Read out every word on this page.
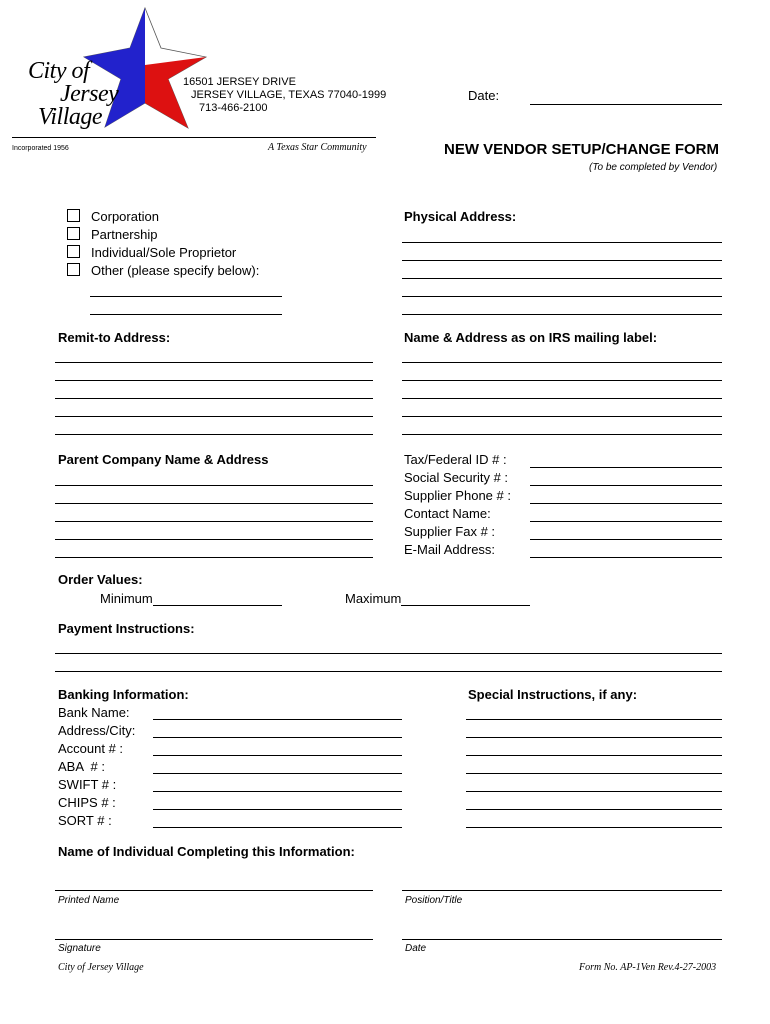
City of
Jersey
Village
16501 JERSEY DRIVE
JERSEY VILLAGE, TEXAS 77040-1999
713-466-2100
Incorporated 1956	A Texas Star Community
Date:
NEW VENDOR SETUP/CHANGE FORM
(To be completed by Vendor)
Corporation
Partnership
Individual/Sole Proprietor
Other (please specify below):
Physical Address:
Remit-to Address:	Name & Address as on IRS mailing label:
Parent Company Name & Address	Tax/Federal ID # :
Social Security # :
Supplier Phone # :
Contact Name:
Supplier Fax # :
E-Mail Address:
Order Values:
Minimum	Maximum
Payment Instructions:
Banking Information:	Special Instructions, if any:
Bank Name:
Address/City:
Account # :
ABA  # :
SWIFT # :
CHIPS # :
SORT # :
Name of Individual Completing this Information:
Printed Name	Position/Title
Signature	Date
City of Jersey Village	Form No. AP-1Ven Rev.4-27-2003
